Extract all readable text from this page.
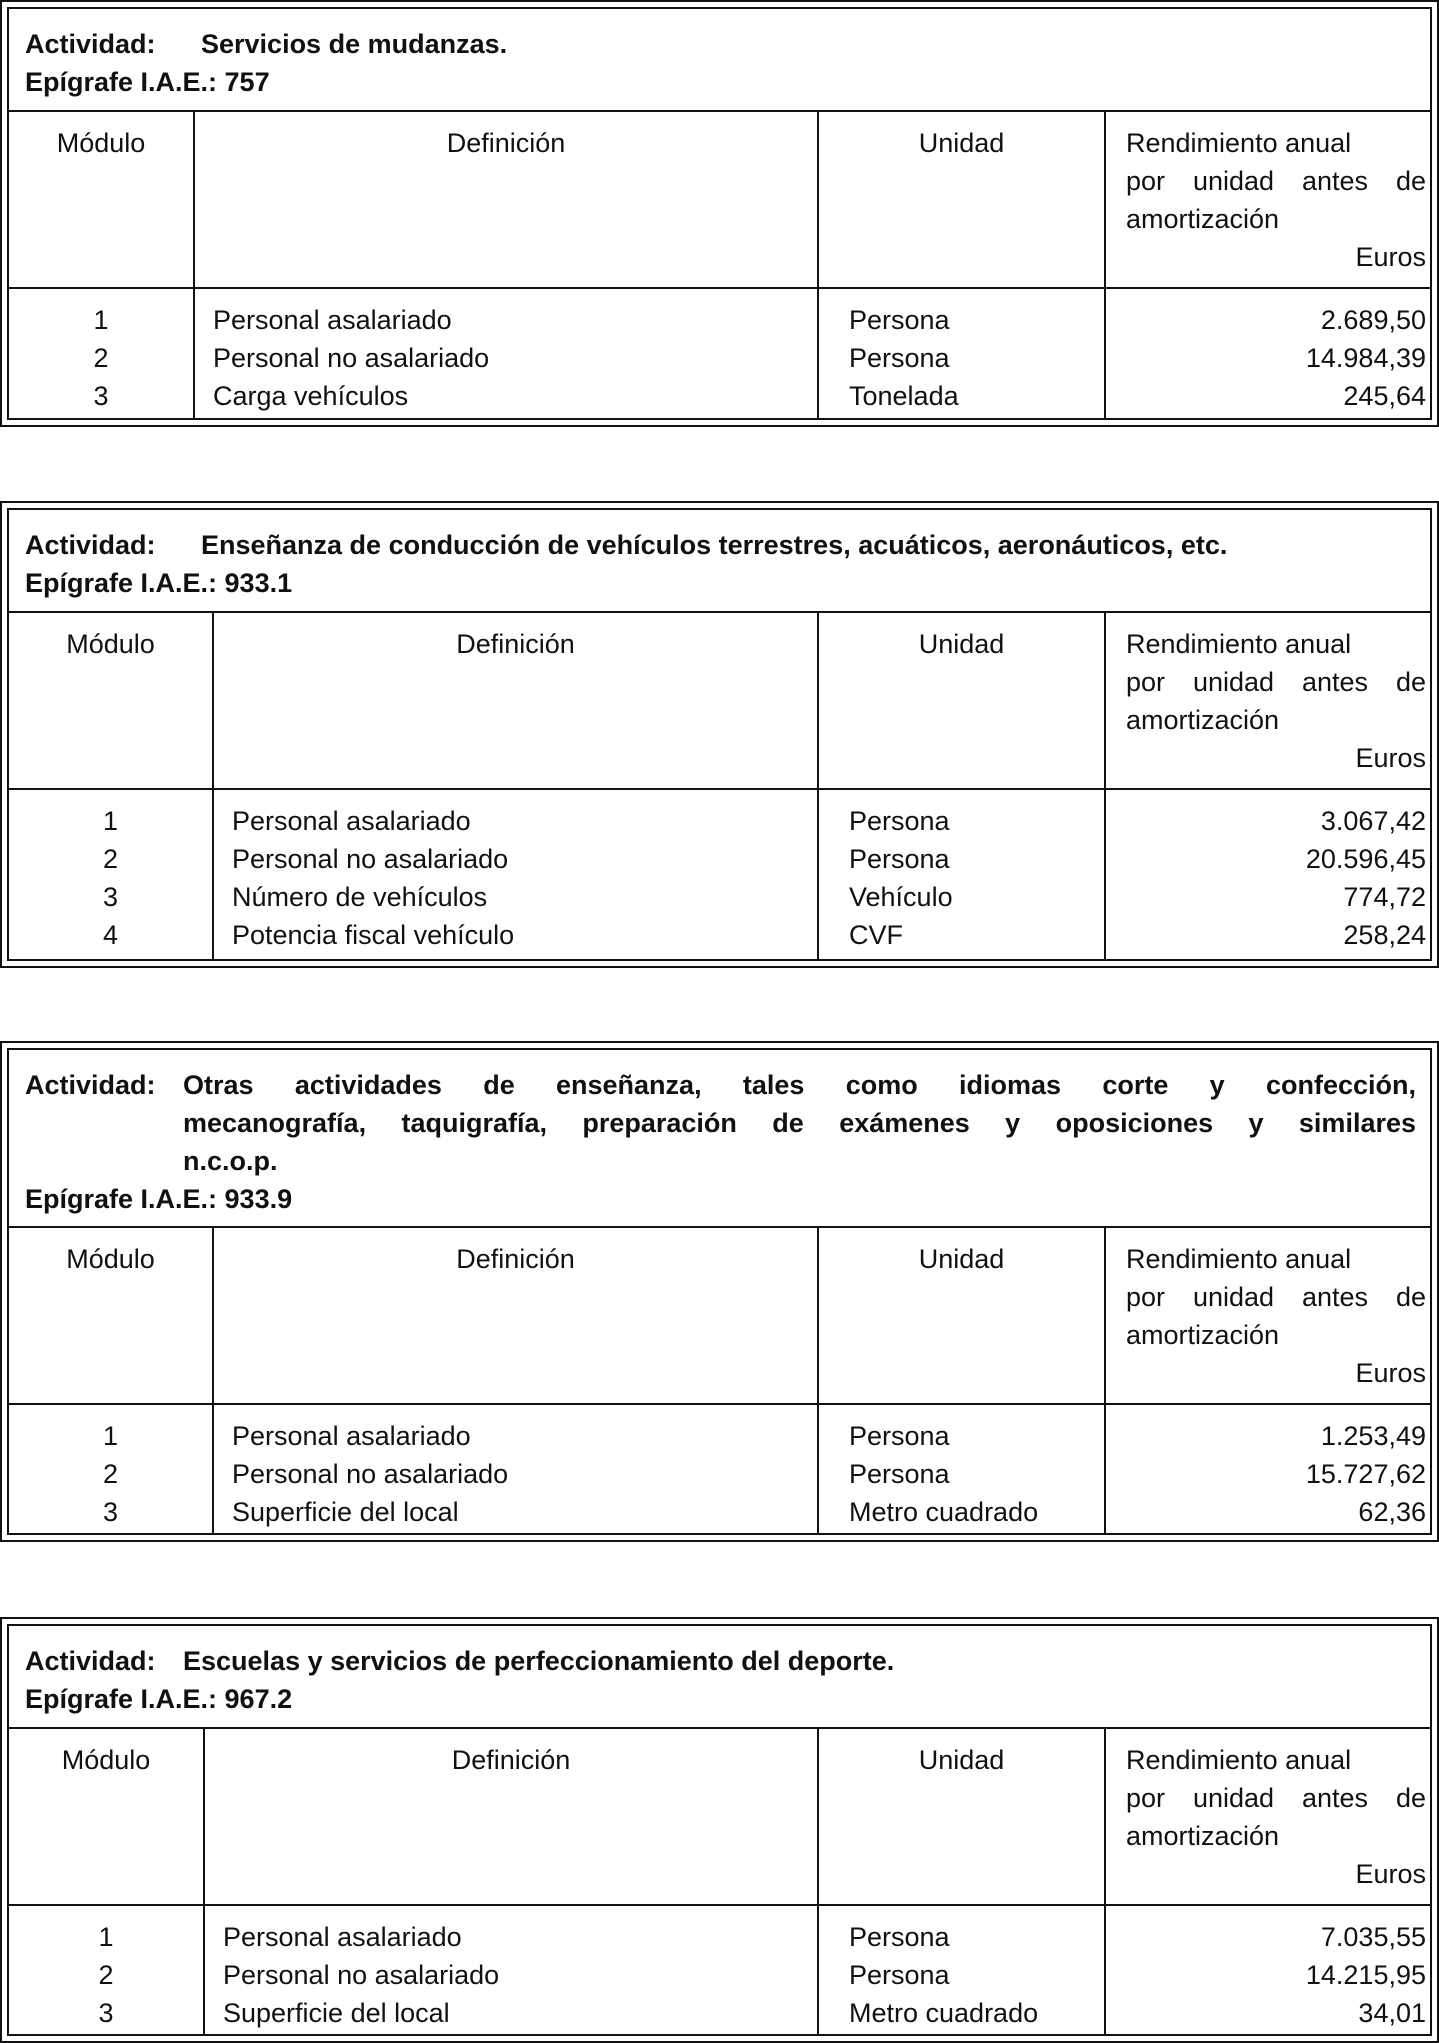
Actividad: Servicios de mudanzas.
Epígrafe I.A.E.: 757
Módulo	Definición	Unidad	Rendimiento anual
por unidad antes de
amortización
Euros
1	Personal asalariado	Persona	2.689,50
2	Personal no asalariado	Persona	14.984,39
3	Carga vehículos	Tonelada	245,64
Actividad: Enseñanza de conducción de vehículos terrestres, acuáticos, aeronáuticos, etc.
Epígrafe I.A.E.: 933.1
Módulo	Definición	Unidad	Rendimiento anual
por unidad antes de
amortización
Euros
1	Personal asalariado	Persona	3.067,42
2	Personal no asalariado	Persona	20.596,45
3	Número de vehículos	Vehículo	774,72
4	Potencia fiscal vehículo	CVF	258,24
Actividad: Otras actividades de enseñanza, tales como idiomas corte y confección,
mecanografía, taquigrafía, preparación de exámenes y oposiciones y similares
n.c.o.p.
Epígrafe I.A.E.: 933.9
Módulo	Definición	Unidad	Rendimiento anual
por unidad antes de
amortización
Euros
1	Personal asalariado	Persona	1.253,49
2	Personal no asalariado	Persona	15.727,62
3	Superficie del local	Metro cuadrado	62,36
Actividad: Escuelas y servicios de perfeccionamiento del deporte.
Epígrafe I.A.E.: 967.2
Módulo	Definición	Unidad	Rendimiento anual
por unidad antes de
amortización
Euros
1	Personal asalariado	Persona	7.035,55
2	Personal no asalariado	Persona	14.215,95
3	Superficie del local	Metro cuadrado	34,01
